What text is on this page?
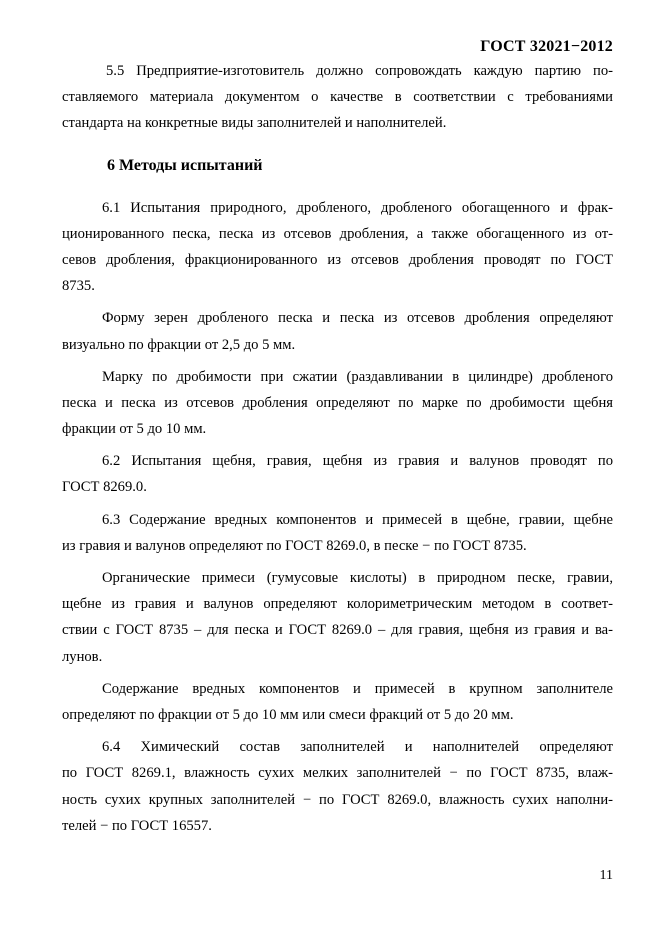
ГОСТ 32021−2012
5.5 Предприятие-изготовитель должно сопровождать каждую партию по-
ставляемого материала документом о качестве в соответствии с требованиями
стандарта на конкретные виды заполнителей и наполнителей.
6 Методы испытаний
6.1 Испытания природного, дробленого, дробленого обогащенного и фрак-
ционированного песка, песка из отсевов дробления, а также обогащенного из от-
севов дробления, фракционированного из отсевов дробления проводят по ГОСТ
8735.
Форму зерен дробленого песка и песка из отсевов дробления определяют
визуально по фракции от 2,5 до 5 мм.
Марку по дробимости при сжатии (раздавливании в цилиндре) дробленого
песка и песка из отсевов дробления определяют по марке по дробимости щебня
фракции от 5 до 10 мм.
6.2 Испытания щебня, гравия, щебня из гравия и валунов проводят по
ГОСТ 8269.0.
6.3 Содержание вредных компонентов и примесей в щебне, гравии, щебне
из гравия и валунов определяют по ГОСТ 8269.0, в песке − по ГОСТ 8735.
Органические примеси (гумусовые кислоты) в природном песке, гравии,
щебне из гравия и валунов определяют колориметрическим методом в соответ-
ствии с ГОСТ 8735 – для песка и ГОСТ 8269.0 – для гравия, щебня из гравия и ва-
лунов.
Содержание вредных компонентов и примесей в крупном заполнителе
определяют по фракции от 5 до 10 мм или смеси фракций от 5 до 20 мм.
6.4 Химический состав заполнителей и наполнителей определяют
по ГОСТ 8269.1, влажность сухих мелких заполнителей − по ГОСТ 8735, влаж-
ность сухих крупных заполнителей − по ГОСТ 8269.0, влажность сухих наполни-
телей − по ГОСТ 16557.
11
